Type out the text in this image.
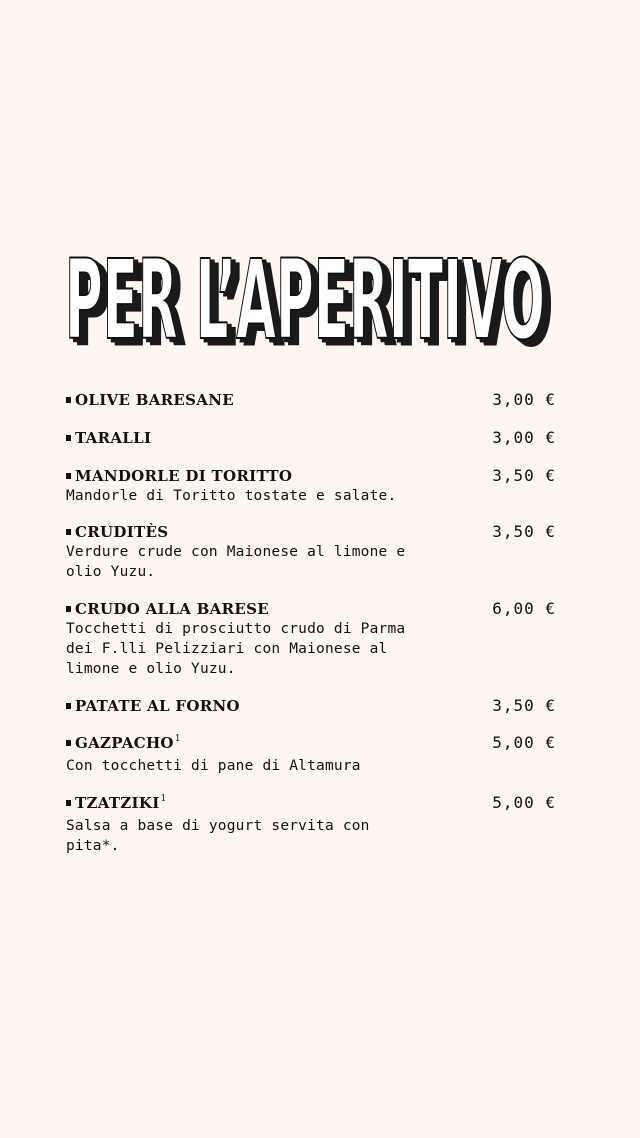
PER L’APERITIVO
PER L’APERITIVO
PER L’APERITIVO
OLIVE BARESANE	3,00 €
TARALLI	3,00 €
MANDORLE DI TORITTO	3,50 €
Mandorle di Toritto tostate e salate.
CRUDITÈS	3,50 €
Verdure crude con Maionese al limone e olio Yuzu.
CRUDO ALLA BARESE	6,00 €
Tocchetti di prosciutto crudo di Parma dei F.lli Pelizziari con Maionese al limone e olio Yuzu.
PATATE AL FORNO	3,50 €
GAZPACHO 1	5,00 €
Con tocchetti di pane di Altamura
TZATZIKI 1	5,00 €
Salsa a base di yogurt servita con pita*.
